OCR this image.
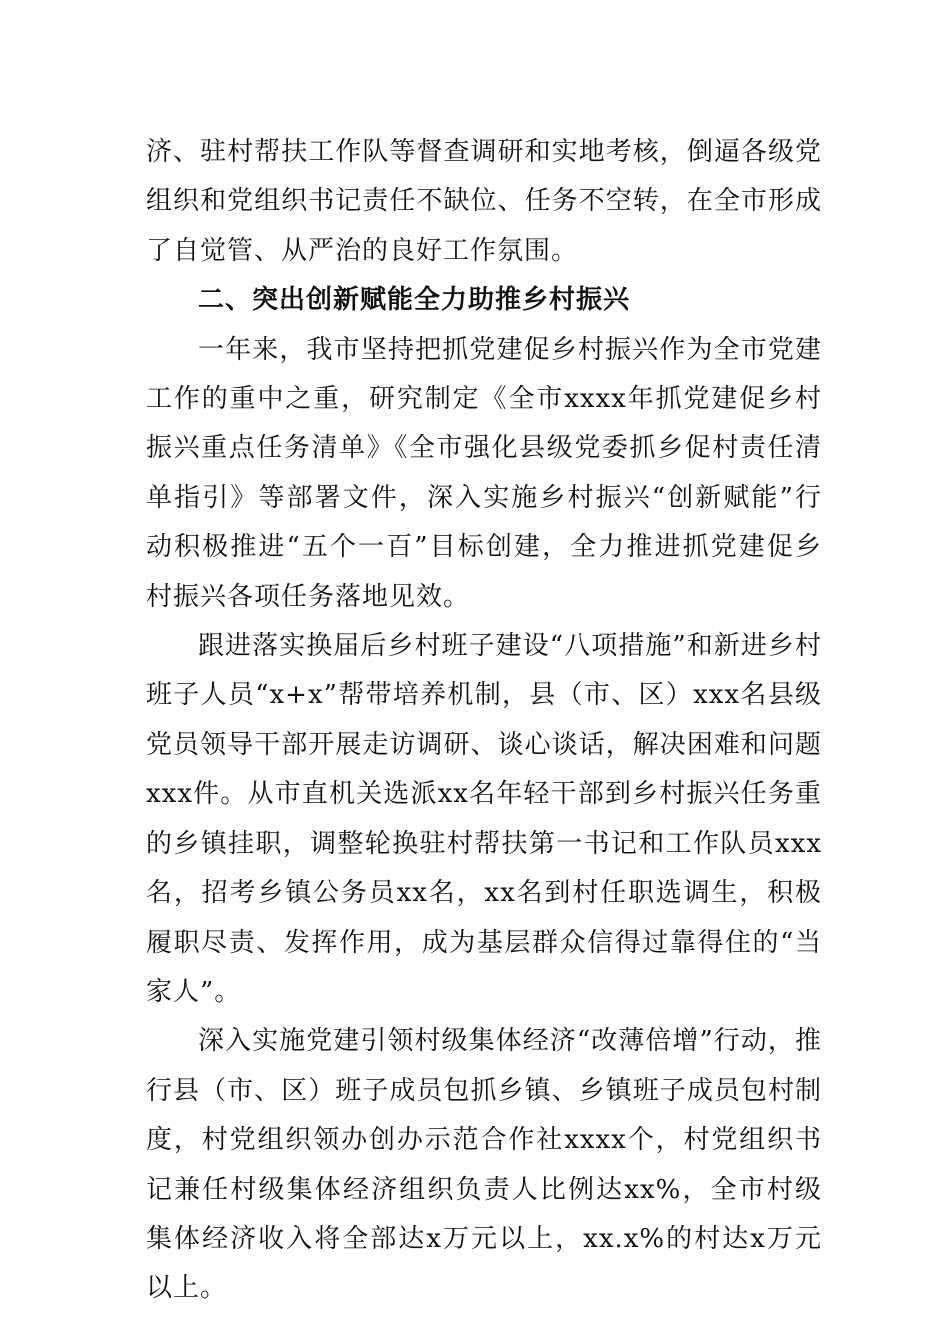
济、驻村帮扶工作队等督查调研和实地考核，倒逼各级党组织和党组织书记责任不缺位、任务不空转，在全市形成了自觉管、从严治的良好工作氛围。

二、突出创新赋能全力助推乡村振兴

一年来，我市坚持把抓党建促乡村振兴作为全市党建工作的重中之重，研究制定《全市xxxx年抓党建促乡村振兴重点任务清单》《全市强化县级党委抓乡促村责任清单指引》等部署文件，深入实施乡村振兴“创新赋能”行动积极推进“五个一百”目标创建，全力推进抓党建促乡村振兴各项任务落地见效。

跟进落实换届后乡村班子建设“八项措施”和新进乡村班子人员“x+x”帮带培养机制，县（市、区）xxx名县级党员领导干部开展走访调研、谈心谈话，解决困难和问题xxx件。从市直机关选派xx名年轻干部到乡村振兴任务重的乡镇挂职，调整轮换驻村帮扶第一书记和工作队员xxx名，招考乡镇公务员xx名，xx名到村任职选调生，积极履职尽责、发挥作用，成为基层群众信得过靠得住的“当家人”。

深入实施党建引领村级集体经济“改薄倍增”行动，推行县（市、区）班子成员包抓乡镇、乡镇班子成员包村制度，村党组织领办创办示范合作社xxxx个，村党组织书记兼任村级集体经济组织负责人比例达xx%，全市村级集体经济收入将全部达x万元以上，xx.x%的村达x万元以上。
